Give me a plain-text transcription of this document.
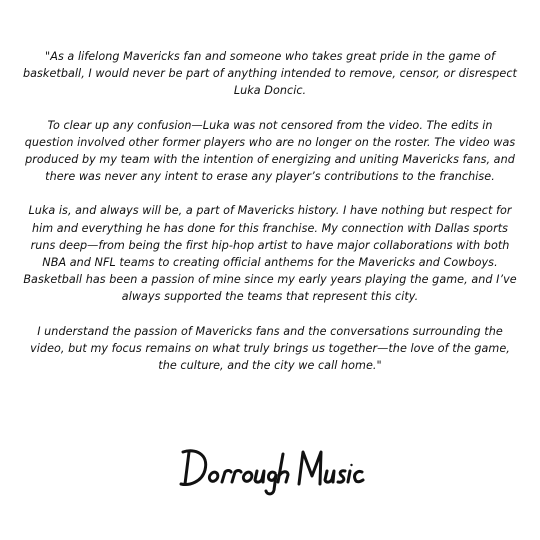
"As a lifelong Mavericks fan and someone who takes great pride in the game of basketball, I would never be part of anything intended to remove, censor, or disrespect Luka Doncic.

To clear up any confusion—Luka was not censored from the video. The edits in question involved other former players who are no longer on the roster. The video was produced by my team with the intention of energizing and uniting Mavericks fans, and there was never any intent to erase any player’s contributions to the franchise.

Luka is, and always will be, a part of Mavericks history. I have nothing but respect for him and everything he has done for this franchise. My connection with Dallas sports runs deep—from being the first hip-hop artist to have major collaborations with both NBA and NFL teams to creating official anthems for the Mavericks and Cowboys. Basketball has been a passion of mine since my early years playing the game, and I’ve always supported the teams that represent this city.

I understand the passion of Mavericks fans and the conversations surrounding the video, but my focus remains on what truly brings us together—the love of the game, the culture, and the city we call home."
